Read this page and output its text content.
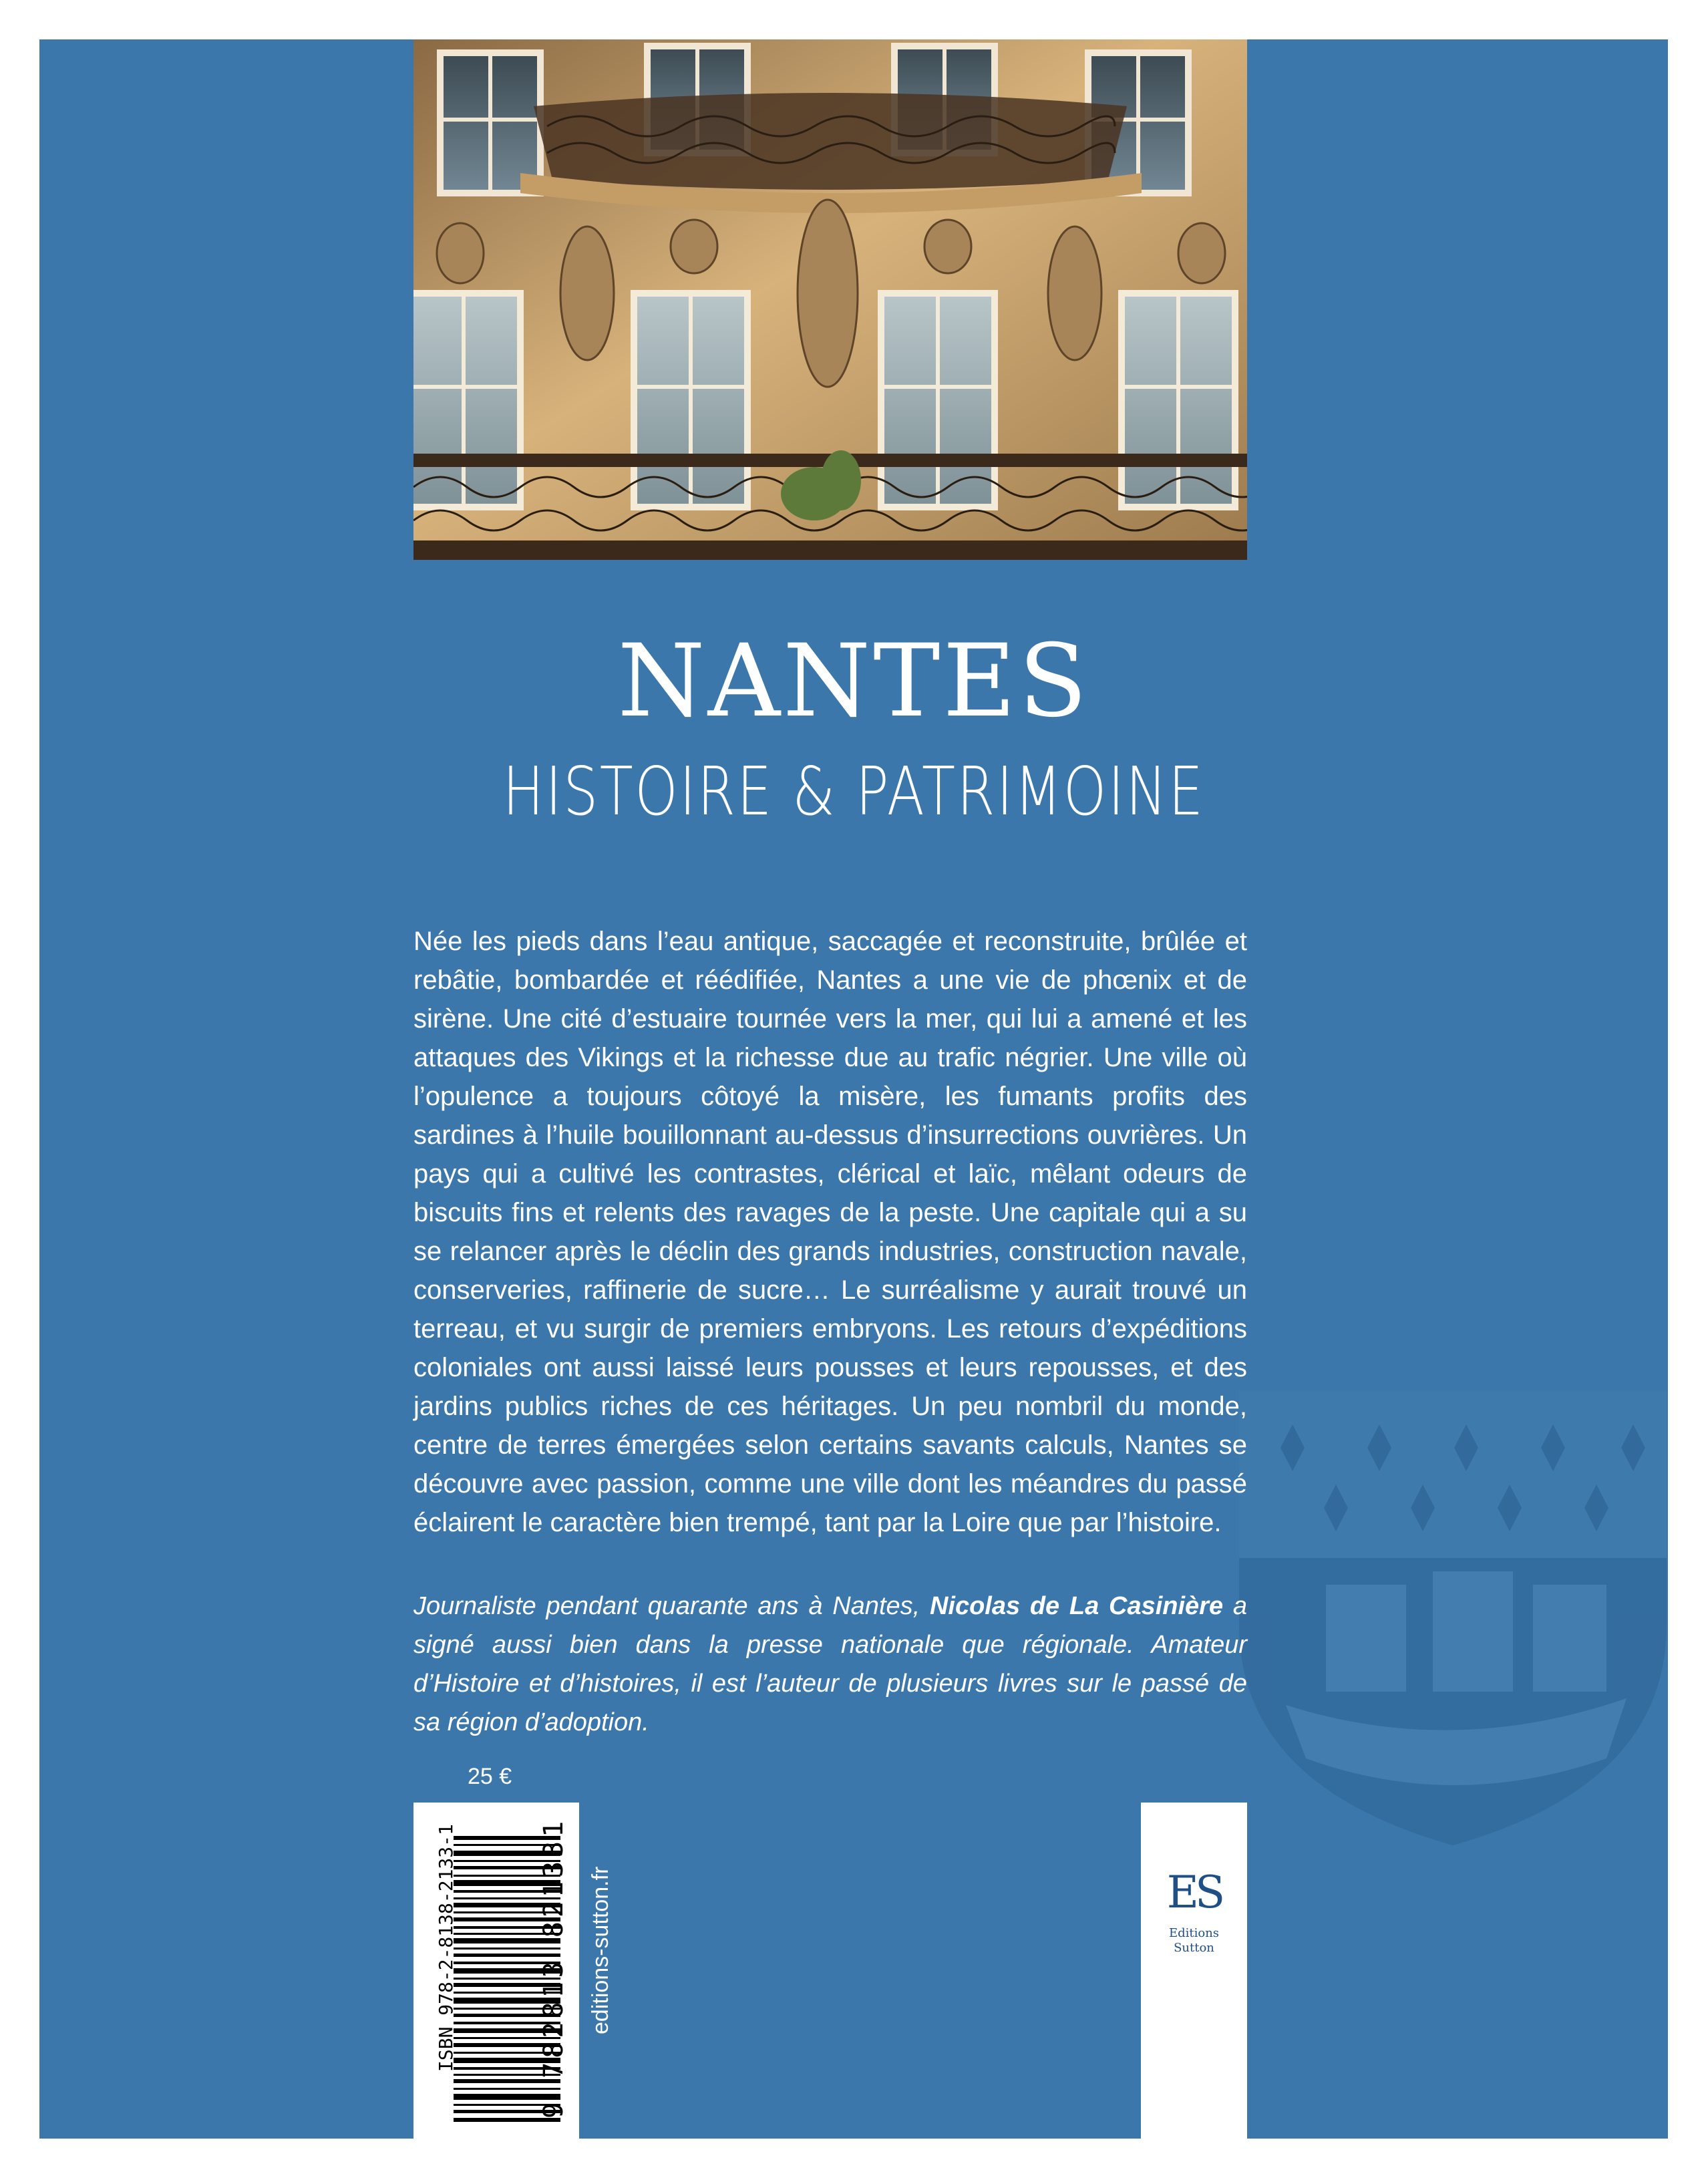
NANTES
HISTOIRE & PATRIMOINE
Née les pieds dans l’eau antique, saccagée et reconstruite, brûlée et rebâtie, bombardée et réédifiée, Nantes a une vie de phœnix et de sirène. Une cité d’estuaire tournée vers la mer, qui lui a amené et les attaques des Vikings et la richesse due au trafic négrier. Une ville où l’opulence a toujours côtoyé la misère, les fumants profits des sardines à l’huile bouillonnant au-dessus d’insurrections ouvrières. Un pays qui a cultivé les contrastes, clérical et laïc, mêlant odeurs de biscuits fins et relents des ravages de la peste. Une capitale qui a su se relancer après le déclin des grands industries, construction navale, conserveries, raffinerie de sucre… Le surréalisme y aurait trouvé un terreau, et vu surgir de premiers embryons. Les retours d’expéditions coloniales ont aussi laissé leurs pousses et leurs repousses, et des jardins publics riches de ces héritages. Un peu nombril du monde, centre de terres émergées selon certains savants calculs, Nantes se découvre avec passion, comme une ville dont les méandres du passé éclairent le caractère bien trempé, tant par la Loire que par l’histoire.
Journaliste pendant quarante ans à Nantes, Nicolas de La Casinière a signé aussi bien dans la presse nationale que régionale. Amateur d’Histoire et d’histoires, il est l’auteur de plusieurs livres sur le passé de sa région d’adoption.
25 €
ISBN 978-2-8138-2133-1	9 782813 821331 editions-sutton.fr	ES
Editions
Sutton
